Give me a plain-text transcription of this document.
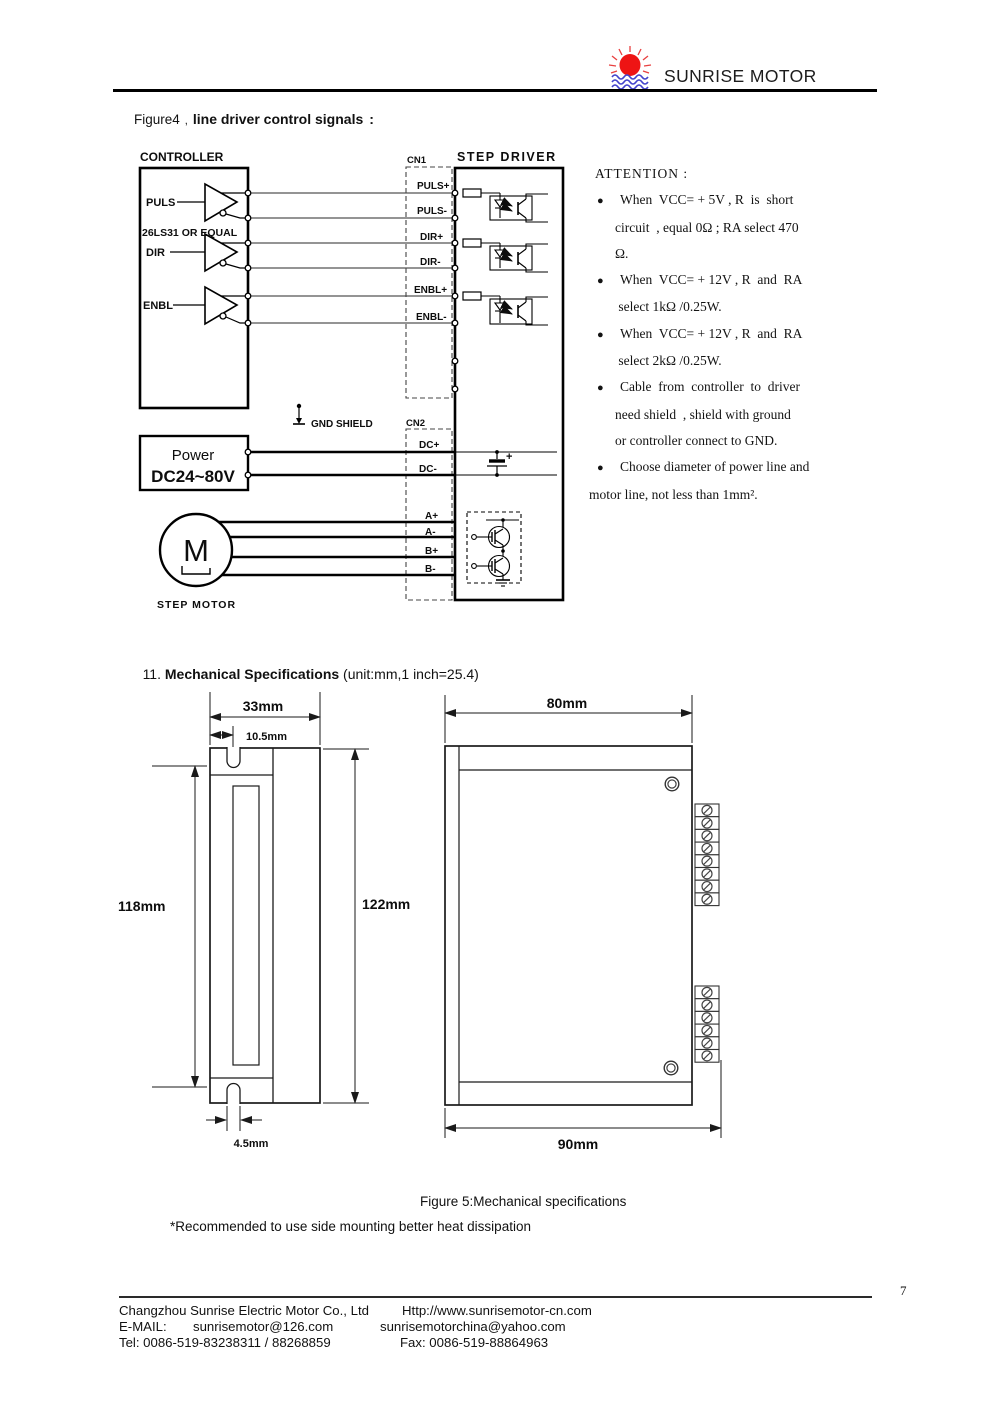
SUNRISE MOTOR

Figure4 , line driver control signals :

CONTROLLER	STEP DRIVER
CN1
CN2
PULS
DIR
ENBL
26LS31 OR EQUAL
PULS+
PULS-
DIR+
DIR-
ENBL+
ENBL-
DC+
DC-
A+
A-
B+
B-
GND SHIELD
Power
DC24~80V
M
STEP MOTOR
+
ATTENTION :
● When  VCC= + 5V , R  is  short
circuit  , equal 0Ω ; RA select 470
Ω.
● When  VCC= + 12V , R  and  RA
select 1kΩ /0.25W.
● When  VCC= + 12V , R  and  RA
select 2kΩ /0.25W.
● Cable  from  controller  to  driver
need shield  , shield with ground
or controller connect to GND.
● Choose diameter of power line and
motor line, not less than 1mm².

11. Mechanical Specifications (unit:mm,1 inch=25.4)

33mm
10.5mm
118mm	122mm
4.5mm
80mm
90mm
Figure 5:Mechanical specifications
*Recommended to use side mounting better heat dissipation
7
Changzhou Sunrise Electric Motor Co., Ltd	Http://www.sunrisemotor-cn.com
E-MAIL: sunrisemotor@126.com	sunrisemotorchina@yahoo.com
Tel: 0086-519-83238311 / 88268859	Fax: 0086-519-88864963
